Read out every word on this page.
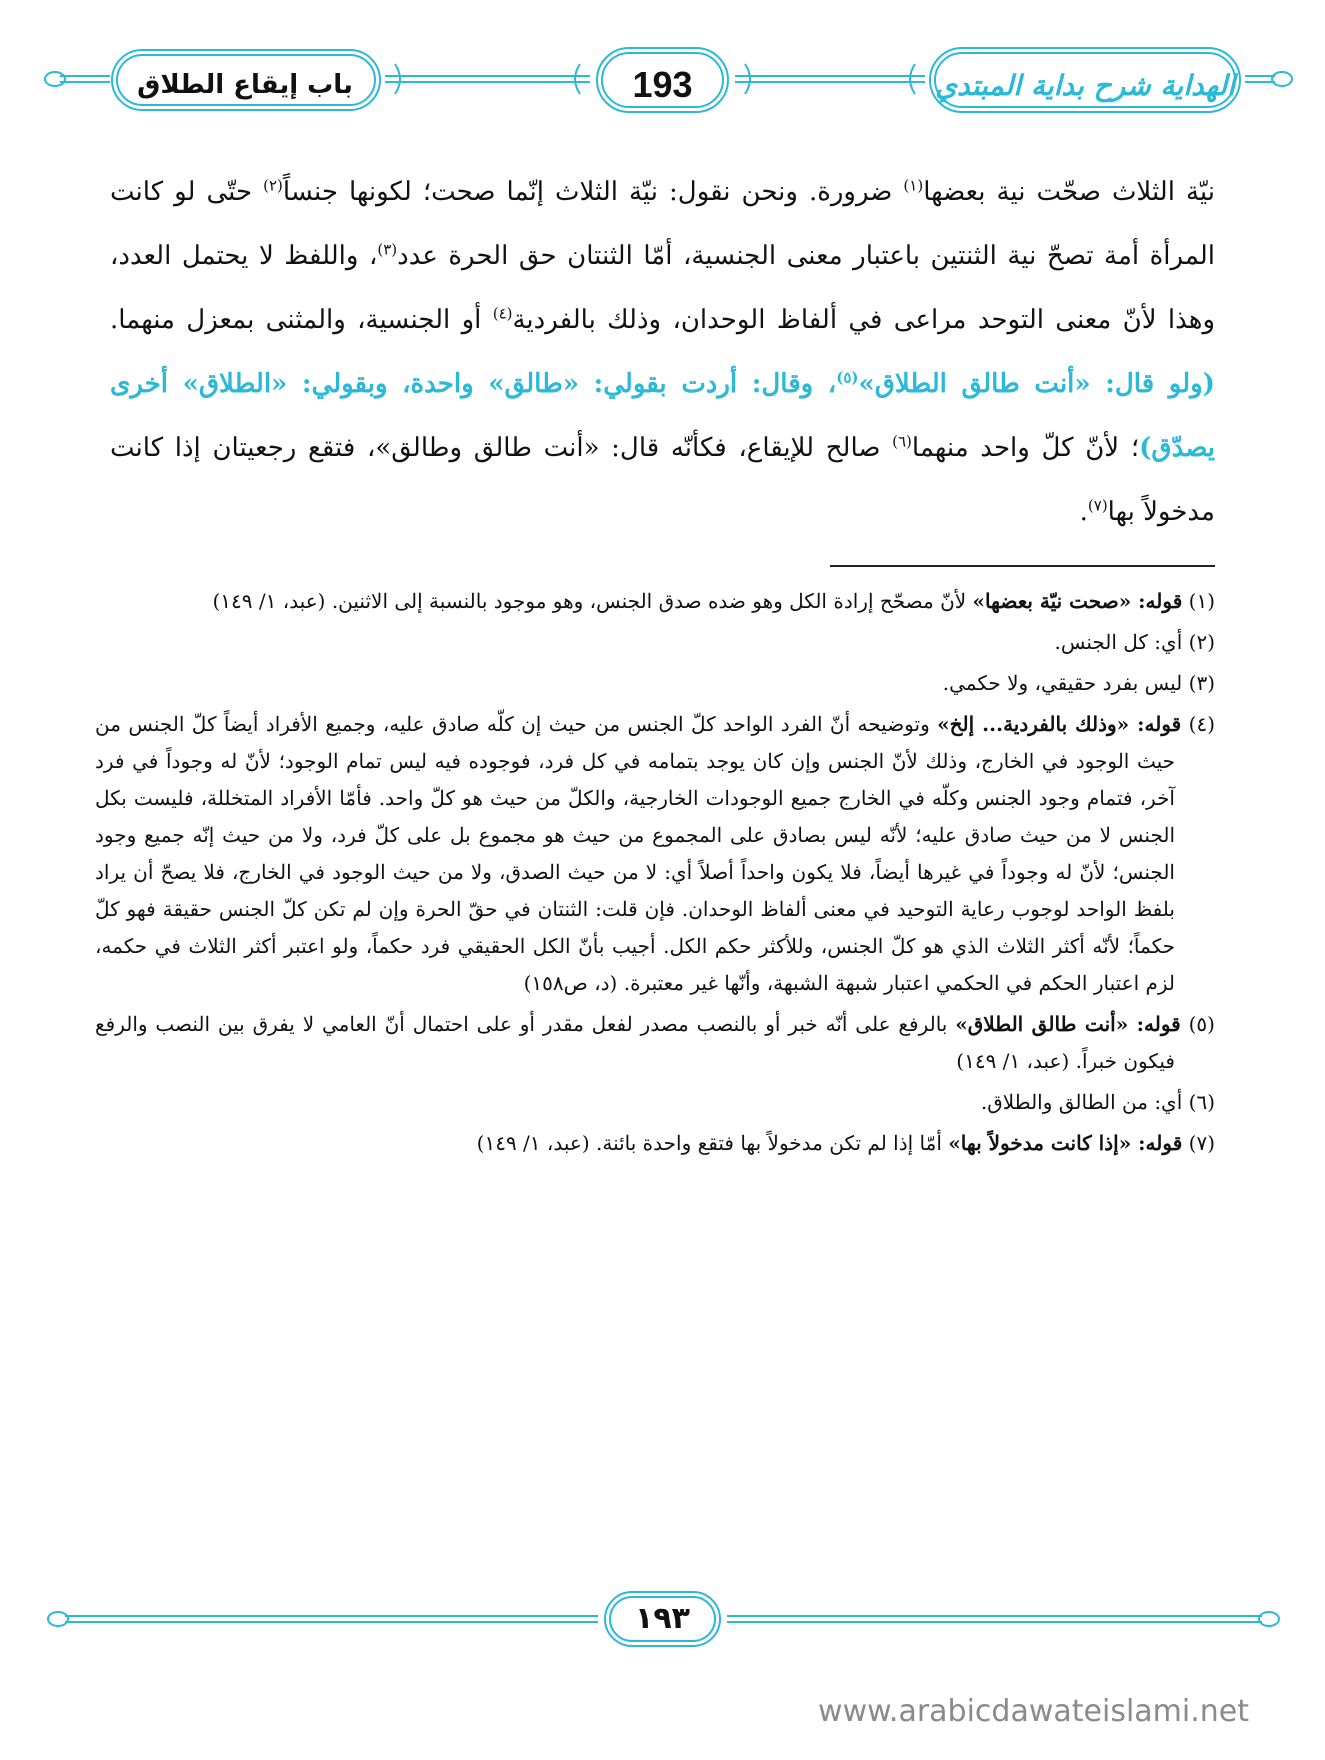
باب إيقاع الطلاق	193	الهداية شرح بداية المبتدي

نيّة الثلاث صحّت نية بعضها$^{(١)}$ ضرورة. ونحن نقول: نيّة الثلاث إنّما صحت؛ لكونها جنساً$^{(٢)}$ حتّى لو كانت المرأة أمة تصحّ نية الثنتين باعتبار معنى الجنسية، أمّا الثنتان حق الحرة عدد$^{(٣)}$، واللفظ لا يحتمل العدد، وهذا لأنّ معنى التوحد مراعى في ألفاظ الوحدان، وذلك بالفردية$^{(٤)}$ أو الجنسية، والمثنى بمعزل منهما. (ولو قال: «أنت طالق الطلاق»$^{(٥)}$، وقال: أردت بقولي: «طالق» واحدة، وبقولي: «الطلاق» أخرى يصدّق)؛ لأنّ كلّ واحد منهما$^{(٦)}$ صالح للإيقاع، فكأنّه قال: «أنت طالق وطالق»، فتقع رجعيتان إذا كانت مدخولاً بها$^{(٧)}$.

(١) قوله: «صحت نيّة بعضها» لأنّ مصحّح إرادة الكل وهو ضده صدق الجنس، وهو موجود بالنسبة إلى الاثنين. (عبد، ١/ ١٤٩)

(٢) أي: كل الجنس.

(٣) ليس بفرد حقيقي، ولا حكمي.

(٤) قوله: «وذلك بالفردية... إلخ» وتوضيحه أنّ الفرد الواحد كلّ الجنس من حيث إن كلّه صادق عليه، وجميع الأفراد أيضاً كلّ الجنس من حيث الوجود في الخارج، وذلك لأنّ الجنس وإن كان يوجد بتمامه في كل فرد، فوجوده فيه ليس تمام الوجود؛ لأنّ له وجوداً في فرد آخر، فتمام وجود الجنس وكلّه في الخارج جميع الوجودات الخارجية، والكلّ من حيث هو كلّ واحد. فأمّا الأفراد المتخللة، فليست بكل الجنس لا من حيث صادق عليه؛ لأنّه ليس بصادق على المجموع من حيث هو مجموع بل على كلّ فرد، ولا من حيث إنّه جميع وجود الجنس؛ لأنّ له وجوداً في غيرها أيضاً، فلا يكون واحداً أصلاً أي: لا من حيث الصدق، ولا من حيث الوجود في الخارج، فلا يصحّ أن يراد بلفظ الواحد لوجوب رعاية التوحيد في معنى ألفاظ الوحدان. فإن قلت: الثنتان في حقّ الحرة وإن لم تكن كلّ الجنس حقيقة فهو كلّ حكماً؛ لأنّه أكثر الثلاث الذي هو كلّ الجنس، وللأكثر حكم الكل. أجيب بأنّ الكل الحقيقي فرد حكماً، ولو اعتبر أكثر الثلاث في حكمه، لزم اعتبار الحكم في الحكمي اعتبار شبهة الشبهة، وأنّها غير معتبرة. (د، ص١٥٨)

(٥) قوله: «أنت طالق الطلاق» بالرفع على أنّه خبر أو بالنصب مصدر لفعل مقدر أو على احتمال أنّ العامي لا يفرق بين النصب والرفع فيكون خبراً. (عبد، ١/ ١٤٩)

(٦) أي: من الطالق والطلاق.

(٧) قوله: «إذا كانت مدخولاً بها» أمّا إذا لم تكن مدخولاً بها فتقع واحدة بائنة. (عبد، ١/ ١٤٩)

١٩٣
www.arabicdawateislami.net
